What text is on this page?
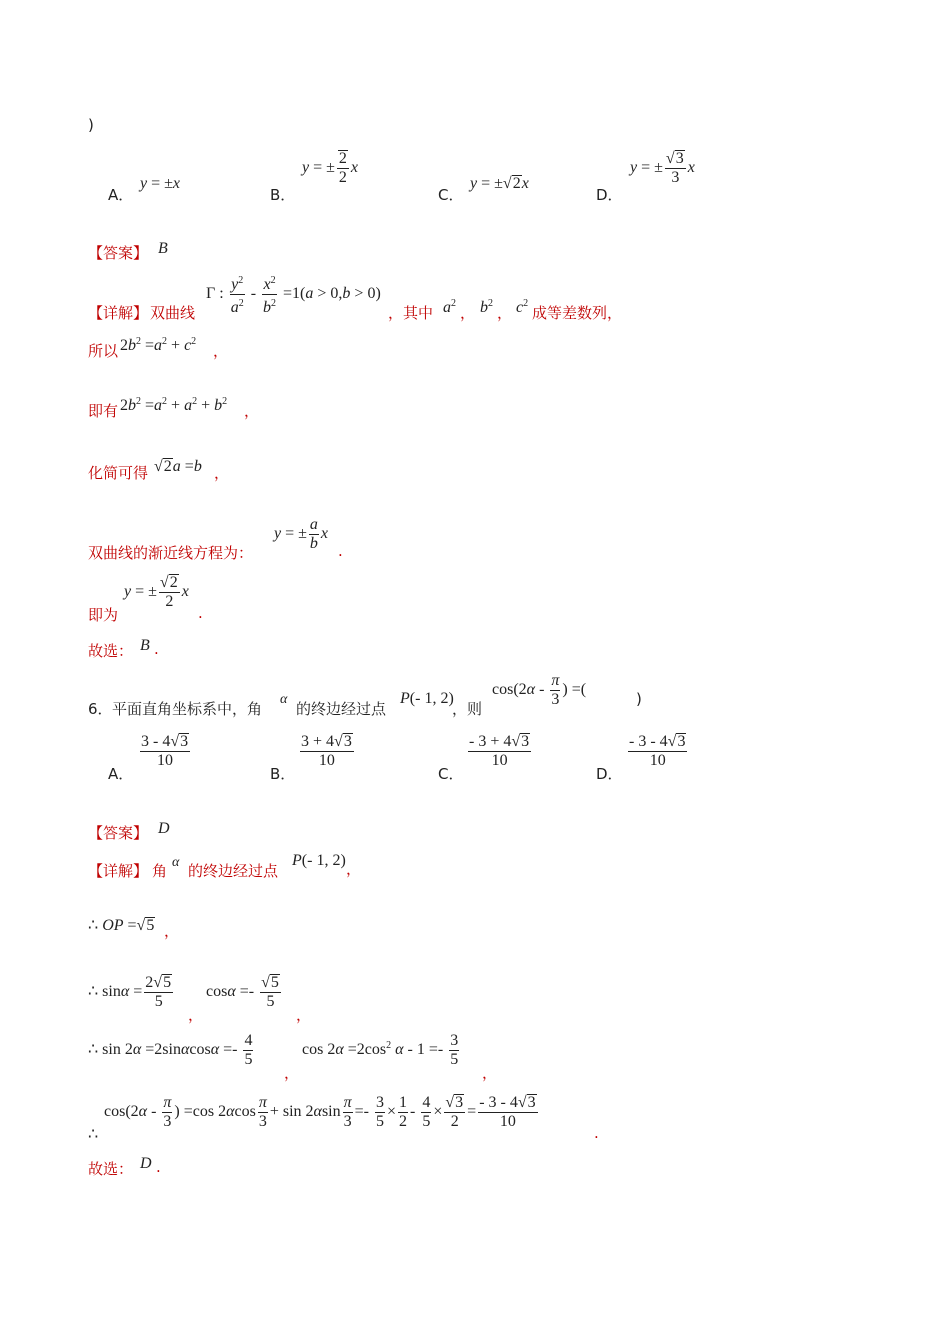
)
A．
y = ±x
B．
y = ± $\frac{2}{2}$ x
C．
y = ±√2x
D．
y = ± $\frac{√3}{3}$ x
【答案】 B
【详解】 双曲线
Γ : $\frac{y^2}{a^2} - \frac{x^2}{b^2} =1(a > 0,b > 0)$
，其中 $a^2$
， $b^2$
， $c^2$
成等差数列，
所以 $2b^2 =a^2 + c^2$
，
即有 $2b^2 =a^2 + a^2 + b^2$
，
化简可得 √2a =b ，
双曲线的渐近线方程为：
y = ± $\frac{a}{b}$ x
.
即为
y = ± $\frac{√2}{2}$ x
.
故选： B .
6． 平面直角坐标系中，角
α
的终边经过点
P(- 1, 2)
，则
$\cos(2\alpha - \frac{\pi}{3}$ ) =(
)
A．
$\frac{3 - 4√3}{10}$
B．
$\frac{3 + 4√3}{10}$
C．
$\frac{- 3 + 4√3}{10}$
D．
$\frac{- 3 - 4√3}{10}$
【答案】 D
【详解】 角 α 的终边经过点
P(- 1, 2) ，
∴ OP =√5 ，
∴ $\sin\alpha = \frac{2√5}{5}$
，
$\cos\alpha =- \frac{√5}{5}$
，
∴ $\sin 2\alpha =2\sin\alpha\cos\alpha =- \frac{4}{5}$
，
$\cos 2\alpha =2\cos^2$ $\alpha - 1 =- \frac{3}{5}$
，
∴
$\cos(2\alpha - \frac{\pi}{3}$ ) =cos $2\alpha\cos \frac{\pi}{3} + \sin 2\alpha\sin \frac{\pi}{3} =- \frac{3}{5} \times \frac{1}{2} - \frac{4}{5} \times \frac{√3}{2} = \frac{- 3 - 4√3}{10}$
.
故选： D .
